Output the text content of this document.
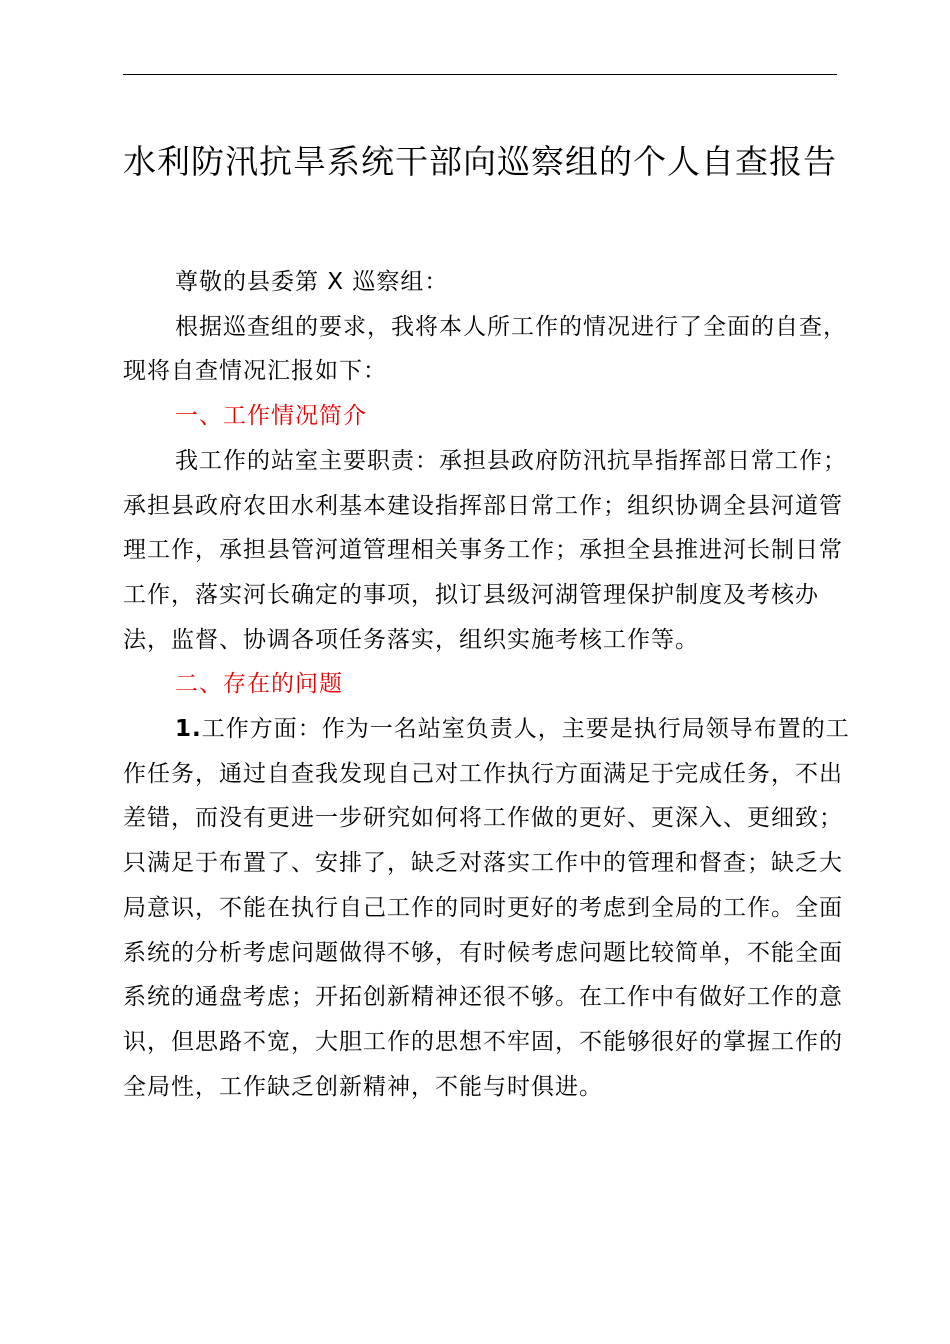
水利防汛抗旱系统干部向巡察组的个人自查报告

尊敬的县委第 X 巡察组：

根据巡查组的要求，我将本人所工作的情况进行了全面的自查，现将自查情况汇报如下：

一、工作情况简介

我工作的站室主要职责：承担县政府防汛抗旱指挥部日常工作；承担县政府农田水利基本建设指挥部日常工作；组织协调全县河道管理工作，承担县管河道管理相关事务工作；承担全县推进河长制日常工作，落实河长确定的事项，拟订县级河湖管理保护制度及考核办法，监督、协调各项任务落实，组织实施考核工作等。

二、存在的问题

1.工作方面：作为一名站室负责人，主要是执行局领导布置的工作任务，通过自查我发现自己对工作执行方面满足于完成任务，不出差错，而没有更进一步研究如何将工作做的更好、更深入、更细致；只满足于布置了、安排了，缺乏对落实工作中的管理和督查；缺乏大局意识，不能在执行自己工作的同时更好的考虑到全局的工作。全面系统的分析考虑问题做得不够，有时候考虑问题比较简单，不能全面系统的通盘考虑；开拓创新精神还很不够。在工作中有做好工作的意识，但思路不宽，大胆工作的思想不牢固，不能够很好的掌握工作的全局性，工作缺乏创新精神，不能与时俱进。
